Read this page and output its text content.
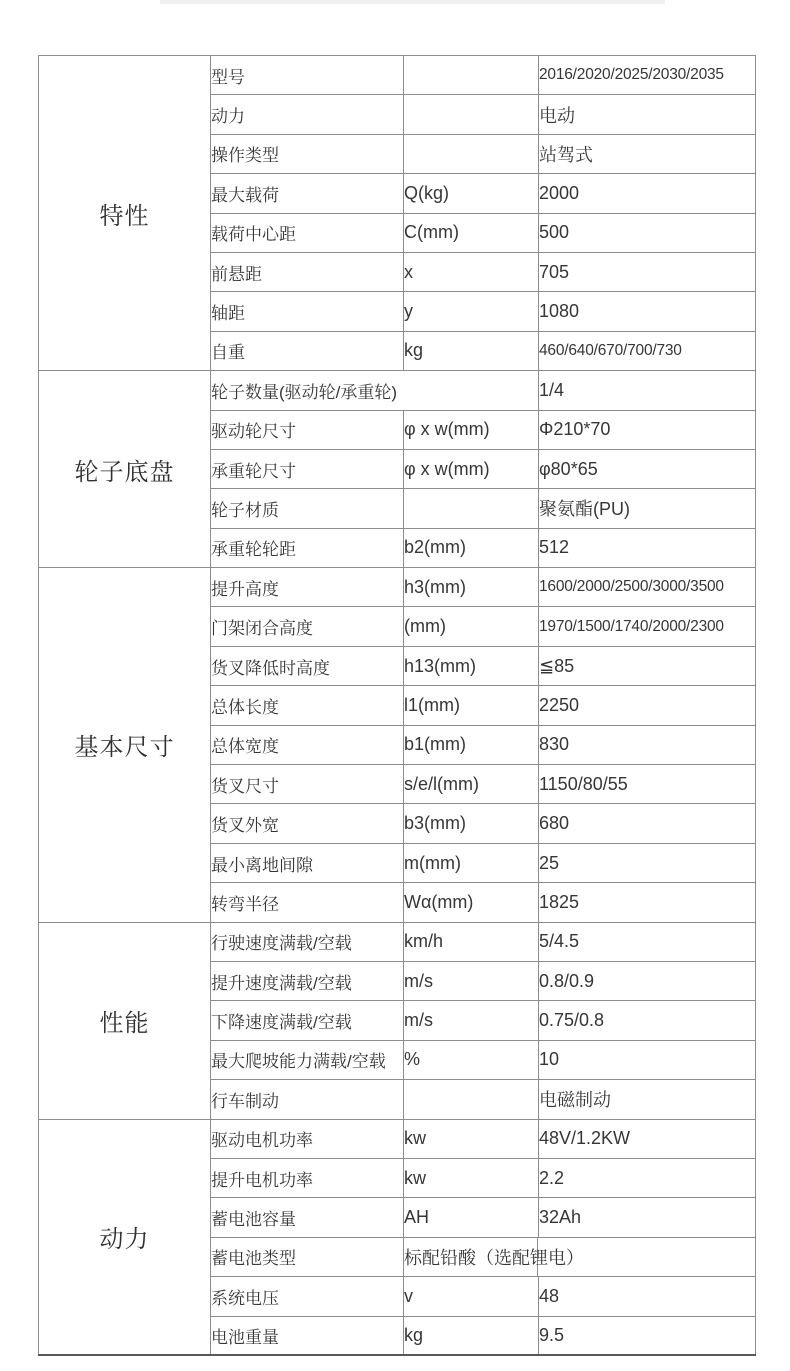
特性	型号		2016/2020/2025/2030/2035
	动力		电动
	操作类型		站驾式
	最大载荷	Q(kg)	2000
	载荷中心距	C(mm)	500
	前悬距	x	705
	轴距	y	1080
	自重	kg	460/640/670/700/730
轮子底盘	轮子数量(驱动轮/承重轮)		1/4
	驱动轮尺寸	φ x w(mm)	Φ210*70
	承重轮尺寸	φ x w(mm)	φ80*65
	轮子材质		聚氨酯(PU)
	承重轮轮距	b2(mm)	512
基本尺寸	提升高度	h3(mm)	1600/2000/2500/3000/3500
	门架闭合高度	(mm)	1970/1500/1740/2000/2300
	货叉降低时高度	h13(mm)	≦85
	总体长度	l1(mm)	2250
	总体宽度	b1(mm)	830
	货叉尺寸	s/e/l(mm)	1150/80/55
	货叉外宽	b3(mm)	680
	最小离地间隙	m(mm)	25
	转弯半径	Wα(mm)	1825
性能	行驶速度满载/空载	km/h	5/4.5
	提升速度满载/空载	m/s	0.8/0.9
	下降速度满载/空载	m/s	0.75/0.8
	最大爬坡能力满载/空载	%	10
	行车制动		电磁制动
动力	驱动电机功率	kw	48V/1.2KW
	提升电机功率	kw	2.2
	蓄电池容量	AH	32Ah
	蓄电池类型	标配铅酸（选配锂电）	
	系统电压	v	48
	电池重量	kg	9.5
